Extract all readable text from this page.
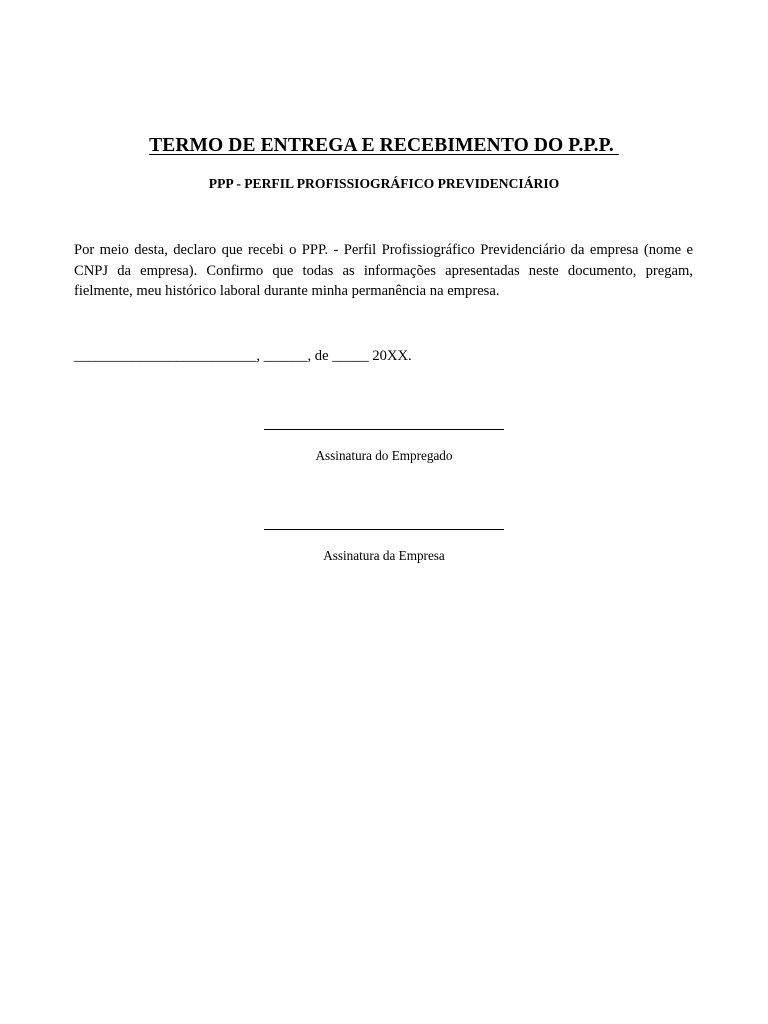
TERMO DE ENTREGA E RECEBIMENTO DO P.P.P.
PPP - PERFIL PROFISSIOGRÁFICO PREVIDENCIÁRIO

Por meio desta, declaro que recebi o PPP. - Perfil Profissiográfico Previdenciário da empresa (nome e CNPJ da empresa). Confirmo que todas as informações apresentadas neste documento, pregam, fielmente, meu histórico laboral durante minha permanência na empresa.

_________________________, ______, de _____ 20XX.
Assinatura do Empregado
Assinatura da Empresa
